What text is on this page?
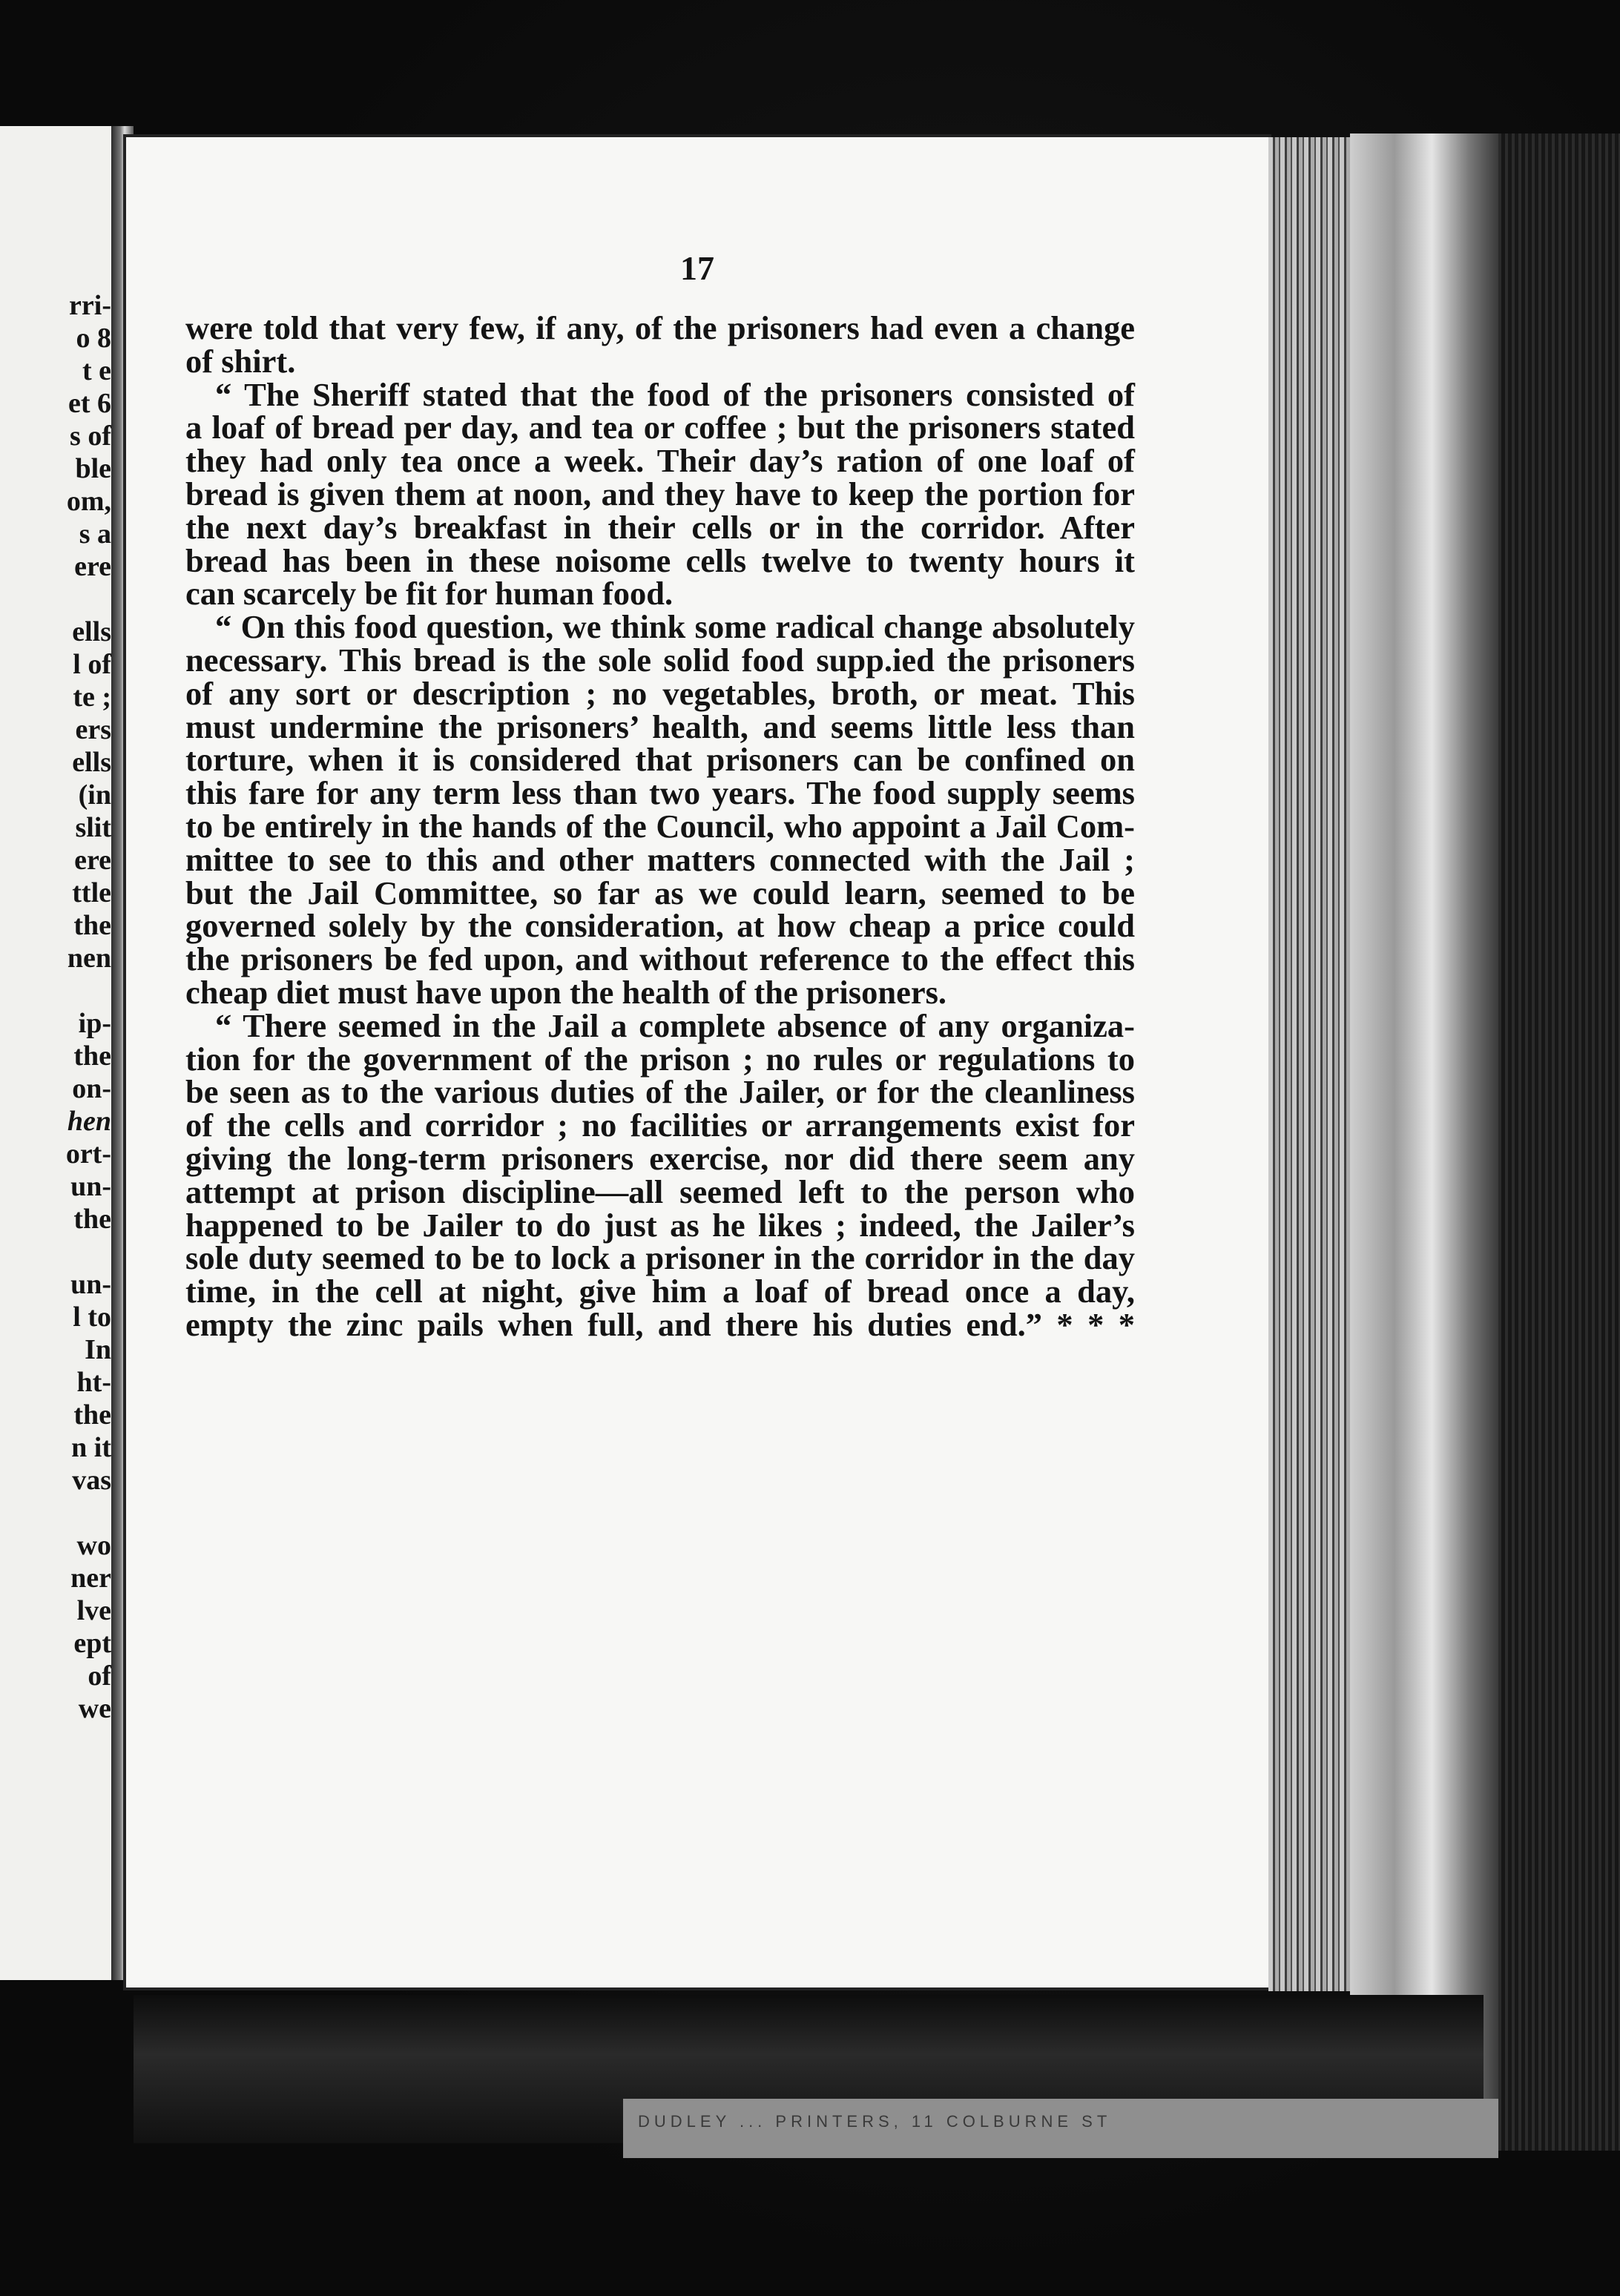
rri-
o 8
t e
et 6
s of
ble
om,
s a
ere
ells
l of
te ;
ers
ells
(in
slit
ere
ttle
the
nen
ip-
the
on-
hen
ort-
un-
the
un-
l to
In
ht-
the
n it
vas
wo
ner
lve
ept
of
we
17
were told that very few, if any, of the prisoners had even a change
of shirt.
“ The Sheriff stated that the food of the prisoners consisted of
a loaf of bread per day, and tea or coffee ; but the prisoners stated
they had only tea once a week. Their day’s ration of one loaf of
bread is given them at noon, and they have to keep the portion for
the next day’s breakfast in their cells or in the corridor. After
bread has been in these noisome cells twelve to twenty hours it
can scarcely be fit for human food.
“ On this food question, we think some radical change absolutely
necessary. This bread is the sole solid food supp.ied the prisoners
of any sort or description ; no vegetables, broth, or meat. This
must undermine the prisoners’ health, and seems little less than
torture, when it is considered that prisoners can be confined on
this fare for any term less than two years. The food supply seems
to be entirely in the hands of the Council, who appoint a Jail Com-
mittee to see to this and other matters connected with the Jail ;
but the Jail Committee, so far as we could learn, seemed to be
governed solely by the consideration, at how cheap a price could
the prisoners be fed upon, and without reference to the effect this
cheap diet must have upon the health of the prisoners.
“ There seemed in the Jail a complete absence of any organiza-
tion for the government of the prison ; no rules or regulations to
be seen as to the various duties of the Jailer, or for the cleanliness
of the cells and corridor ; no facilities or arrangements exist for
giving the long-term prisoners exercise, nor did there seem any
attempt at prison discipline—all seemed left to the person who
happened to be Jailer to do just as he likes ; indeed, the Jailer’s
sole duty seemed to be to lock a prisoner in the corridor in the day
time, in the cell at night, give him a loaf of bread once a day,
empty the zinc pails when full, and there his duties end.” * * *
DUDLEY ... PRINTERS, 11 COLBURNE ST
